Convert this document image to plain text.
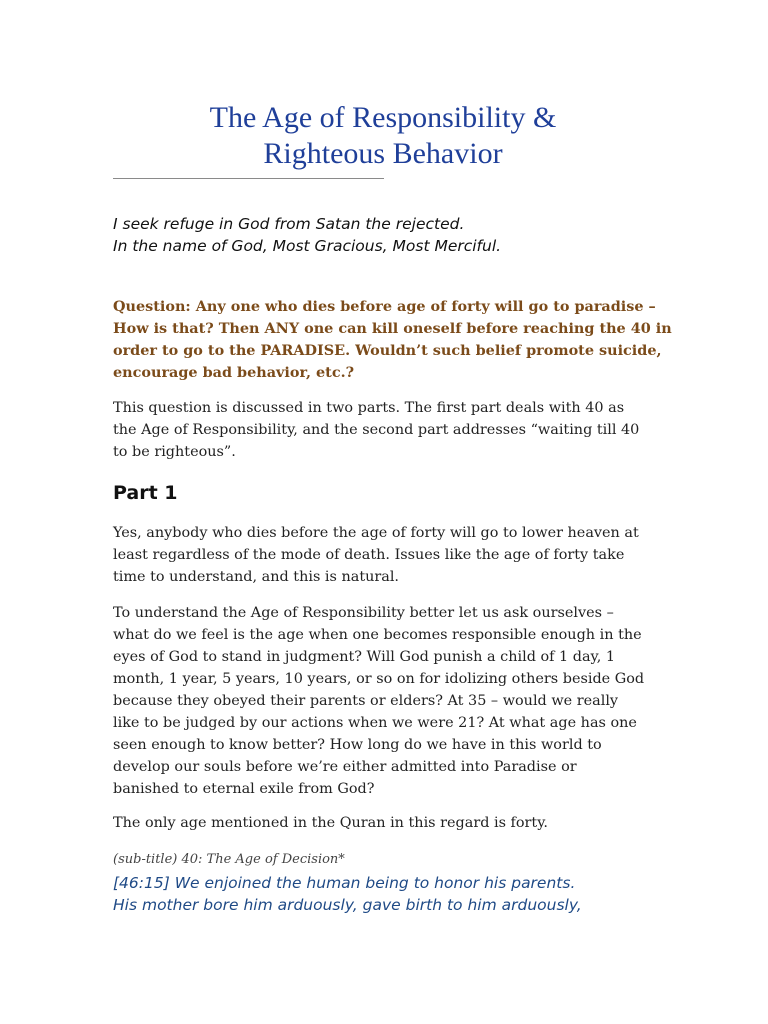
The Age of Responsibility &
Righteous Behavior
I seek refuge in God from Satan the rejected.
In the name of God, Most Gracious, Most Merciful.
Question: Any one who dies before age of forty will go to paradise –
How is that? Then ANY one can kill oneself before reaching the 40 in
order to go to the PARADISE. Wouldn’t such belief promote suicide,
encourage bad behavior, etc.?
This question is discussed in two parts. The first part deals with 40 as
the Age of Responsibility, and the second part addresses “waiting till 40
to be righteous”.
Part 1
Yes, anybody who dies before the age of forty will go to lower heaven at
least regardless of the mode of death. Issues like the age of forty take
time to understand, and this is natural.
To understand the Age of Responsibility better let us ask ourselves –
what do we feel is the age when one becomes responsible enough in the
eyes of God to stand in judgment? Will God punish a child of 1 day, 1
month, 1 year, 5 years, 10 years, or so on for idolizing others beside God
because they obeyed their parents or elders? At 35 – would we really
like to be judged by our actions when we were 21? At what age has one
seen enough to know better? How long do we have in this world to
develop our souls before we’re either admitted into Paradise or
banished to eternal exile from God?
The only age mentioned in the Quran in this regard is forty.
(sub-title) 40: The Age of Decision*
[46:15] We enjoined the human being to honor his parents.
His mother bore him arduously, gave birth to him arduously,
